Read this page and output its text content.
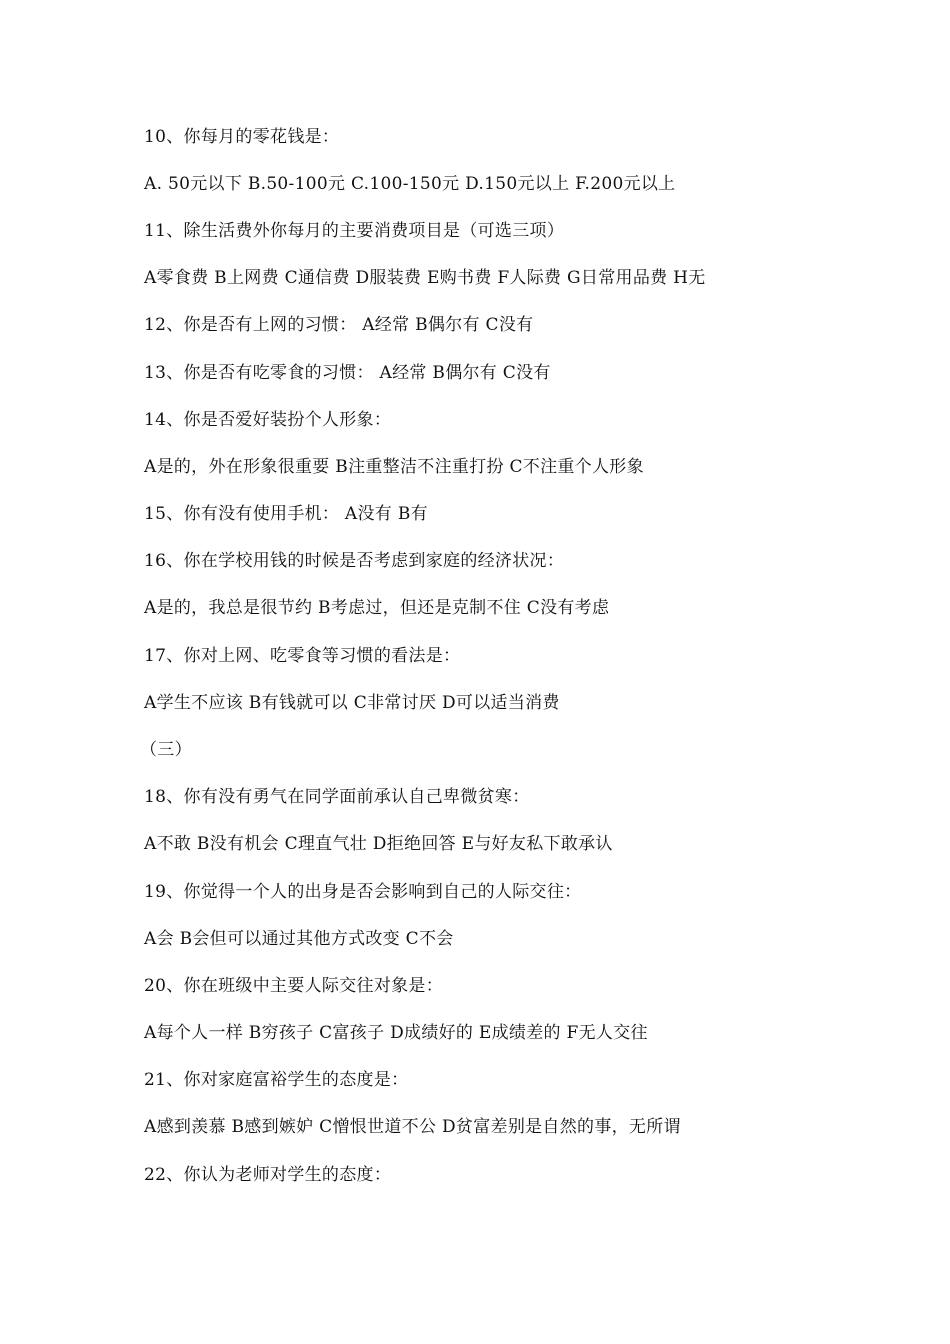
10、你每月的零花钱是：
A. 50元以下 B.50-100元 C.100-150元 D.150元以上 F.200元以上
11、除生活费外你每月的主要消费项目是（可选三项）
A零食费 B上网费 C通信费 D服装费 E购书费 F人际费 G日常用品费 H无
12、你是否有上网的习惯： A经常 B偶尔有 C没有
13、你是否有吃零食的习惯： A经常 B偶尔有 C没有
14、你是否爱好装扮个人形象：
A是的，外在形象很重要 B注重整洁不注重打扮 C不注重个人形象
15、你有没有使用手机： A没有 B有
16、你在学校用钱的时候是否考虑到家庭的经济状况：
A是的，我总是很节约 B考虑过，但还是克制不住 C没有考虑
17、你对上网、吃零食等习惯的看法是：
A学生不应该 B有钱就可以 C非常讨厌 D可以适当消费
（三）
18、你有没有勇气在同学面前承认自己卑微贫寒：
A不敢 B没有机会 C理直气壮 D拒绝回答 E与好友私下敢承认
19、你觉得一个人的出身是否会影响到自己的人际交往：
A会 B会但可以通过其他方式改变 C不会
20、你在班级中主要人际交往对象是：
A每个人一样 B穷孩子 C富孩子 D成绩好的 E成绩差的 F无人交往
21、你对家庭富裕学生的态度是：
A感到羡慕 B感到嫉妒 C憎恨世道不公 D贫富差别是自然的事，无所谓
22、你认为老师对学生的态度：
